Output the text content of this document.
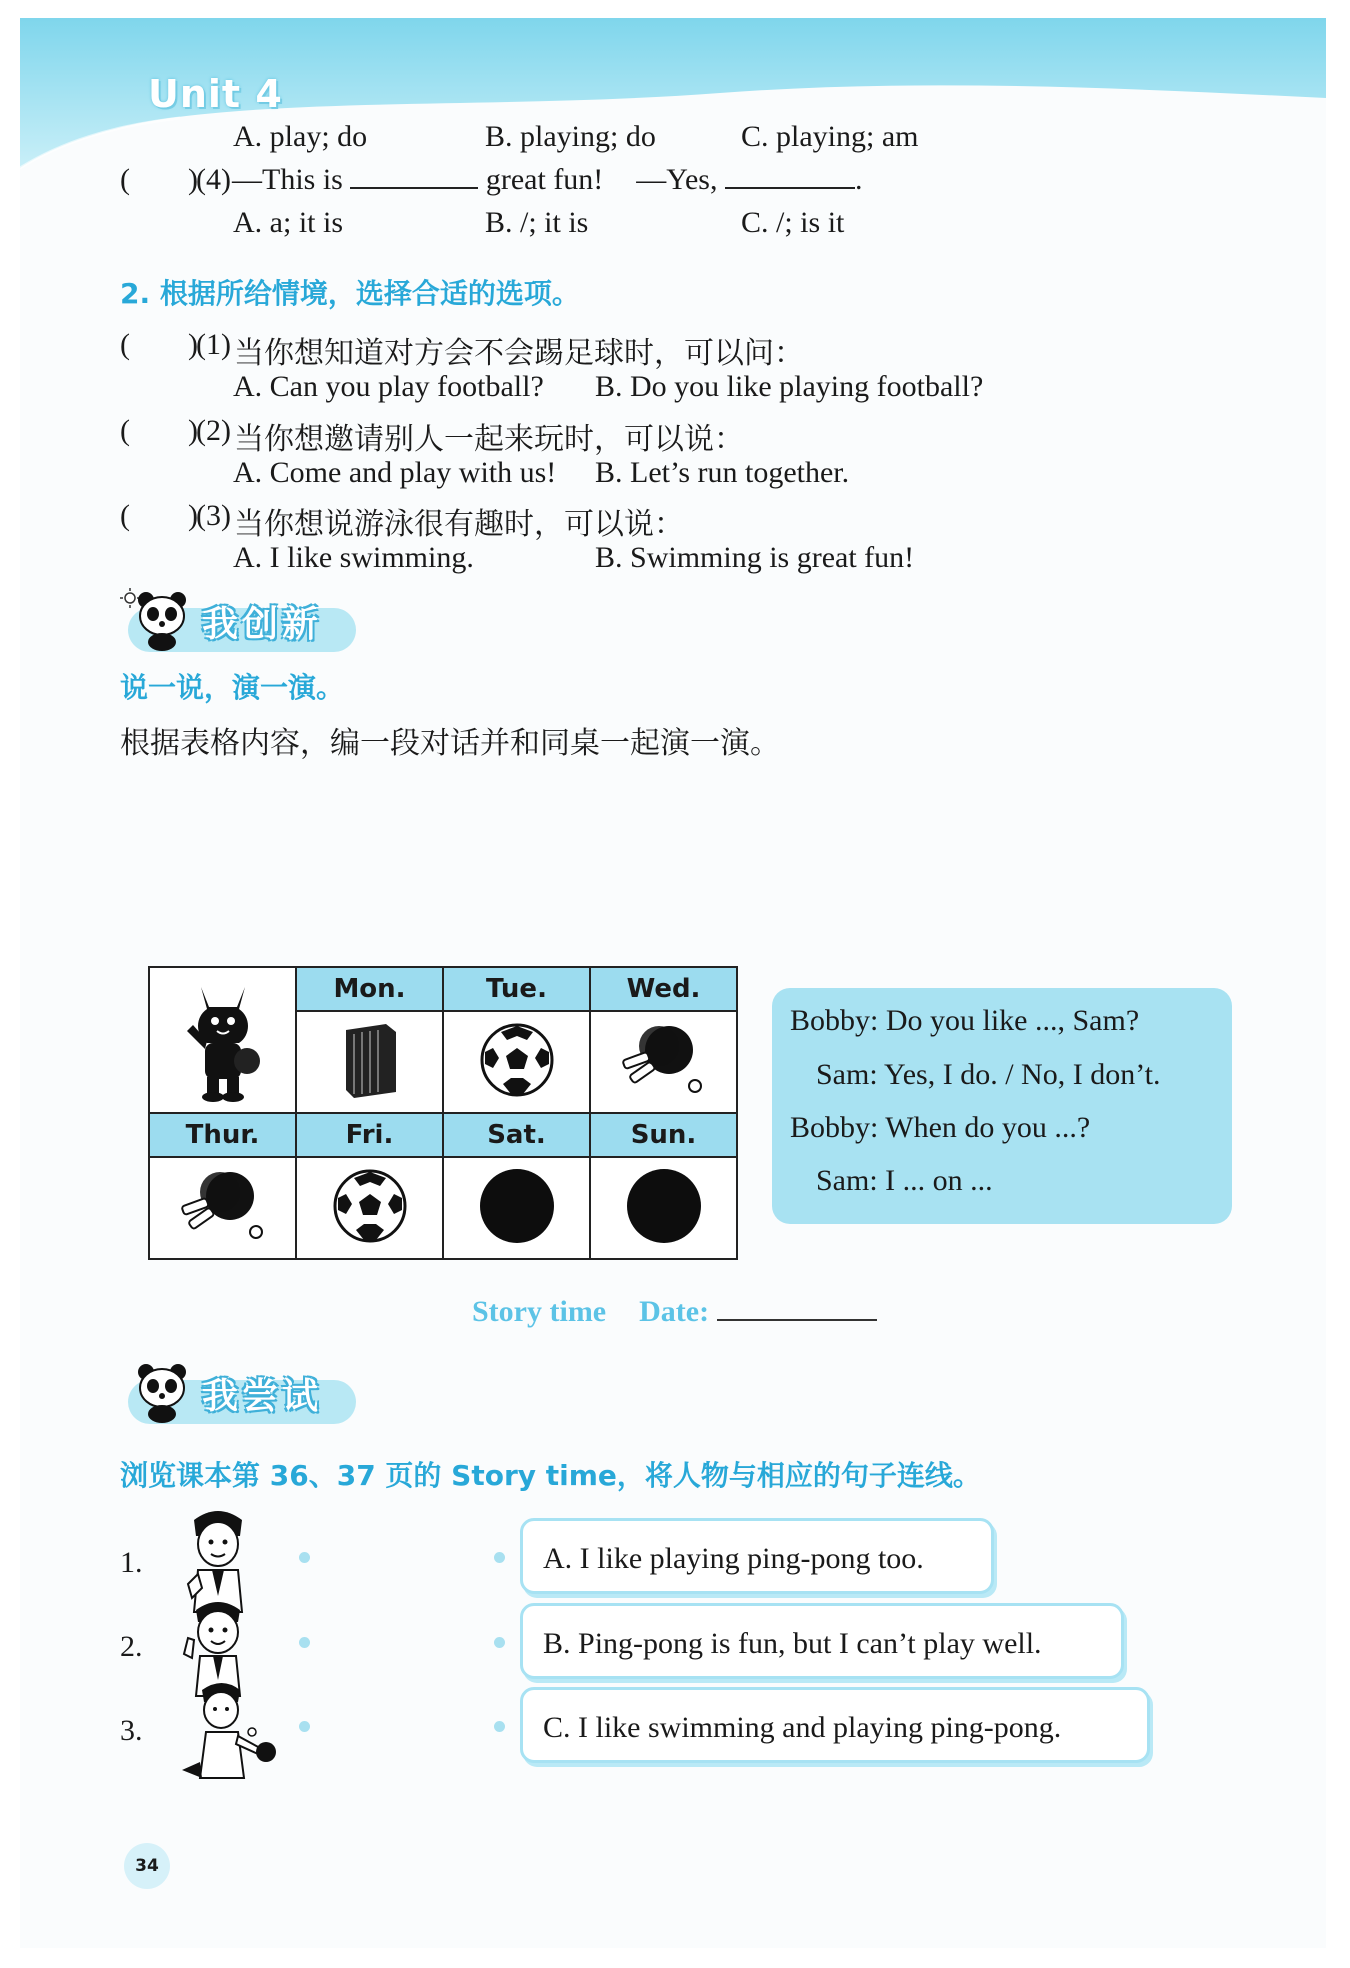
Unit 4
A. play; do	B. playing; do	C. playing; am
( )
(4) —This is	great fun! —Yes,	.
A. a; it is	B. /; it is	C. /; is it
2. 根据所给情境，选择合适的选项。
( )
(1) 当你想知道对方会不会踢足球时，可以问：
A. Can you play football? B. Do you like playing football?
( )
(2) 当你想邀请别人一起来玩时，可以说：
A. Come and play with us! B. Let’s run together.
( )
(3) 当你想说游泳很有趣时，可以说：
A. I like swimming.	B. Swimming is great fun!
我创新
说一说，演一演。
根据表格内容，编一段对话并和同桌一起演一演。
	Mon.	Tue.	Wed.

Thur.	Fri.	Sat.	Sun.

Bobby: Do you like ..., Sam?
Sam: Yes, I do. / No, I don’t.
Bobby: When do you ...?
Sam: I ... on ...
Story time Date:
我尝试
浏览课本第 36、37 页的 Story time，将人物与相应的句子连线。
1.	A. I like playing ping-pong too.
2.	B. Ping-pong is fun, but I can’t play well.
3.	C. I like swimming and playing ping-pong.
34
